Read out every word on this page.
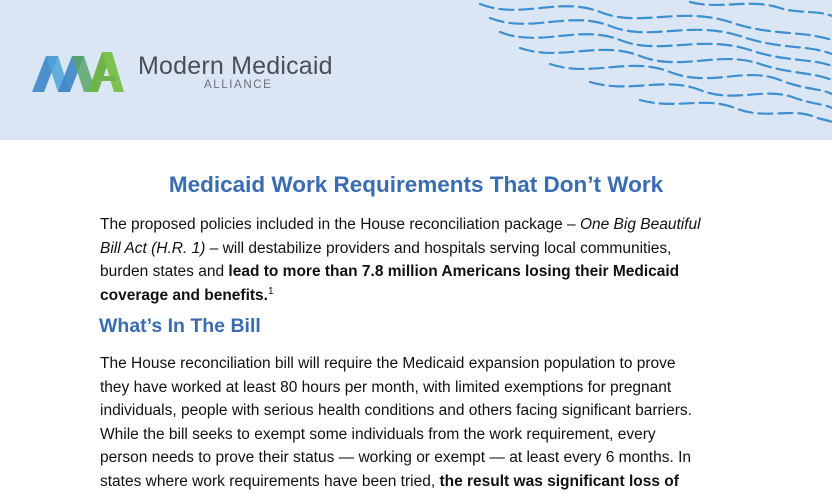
Modern Medicaid
ALLIANCE
Medicaid Work Requirements That Don’t Work

The proposed policies included in the House reconciliation package – One Big Beautiful
Bill Act (H.R. 1) – will destabilize providers and hospitals serving local communities,
burden states and lead to more than 7.8 million Americans losing their Medicaid
coverage and benefits.$^1$

What’s In The Bill

The House reconciliation bill will require the Medicaid expansion population to prove
they have worked at least 80 hours per month, with limited exemptions for pregnant
individuals, people with serious health conditions and others facing significant barriers.
While the bill seeks to exempt some individuals from the work requirement, every
person needs to prove their status — working or exempt — at least every 6 months. In
states where work requirements have been tried, the result was significant loss of
